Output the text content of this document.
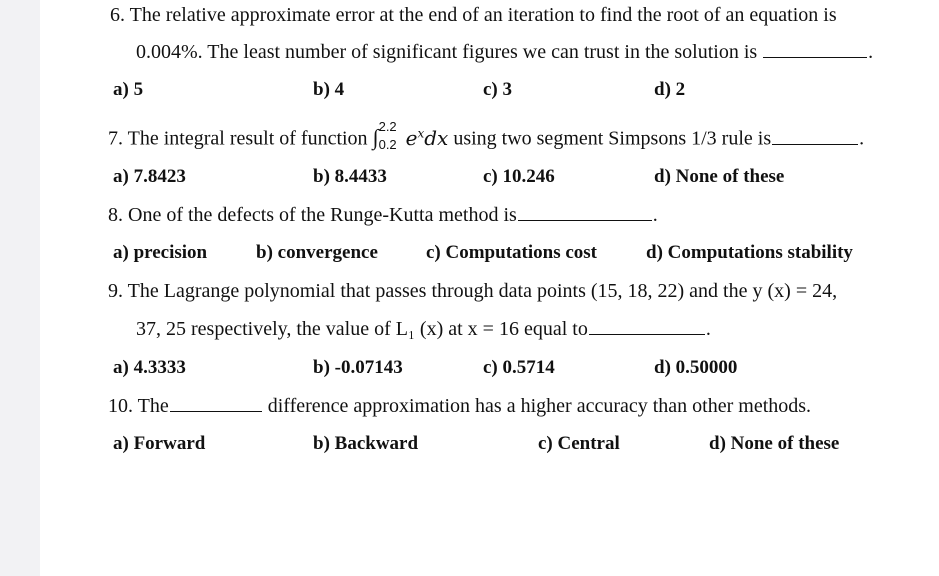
6. The relative approximate error at the end of an iteration to find the root of an equation is
0.004%. The least number of significant figures we can trust in the solution is	.
a) 5	b) 4	c) 3	d) 2
7. The integral result of function ∫ 2.2
0.2 $e^xdx$ using two segment Simpsons 1/3 rule is	.
a) 7.8423	b) 8.4433	c) 10.246	d) None of these
8. One of the defects of the Runge-Kutta method is	.
a) precision	b) convergence	c) Computations cost	d) Computations stability
9. The Lagrange polynomial that passes through data points (15, 18, 22) and the y (x) = 24,
37, 25 respectively, the value of L₁ (x) at x = 16 equal to	.
a) 4.3333	b) -0.07143	c) 0.5714	d) 0.50000
10. The	difference approximation has a higher accuracy than other methods.
a) Forward	b) Backward	c) Central	d) None of these
